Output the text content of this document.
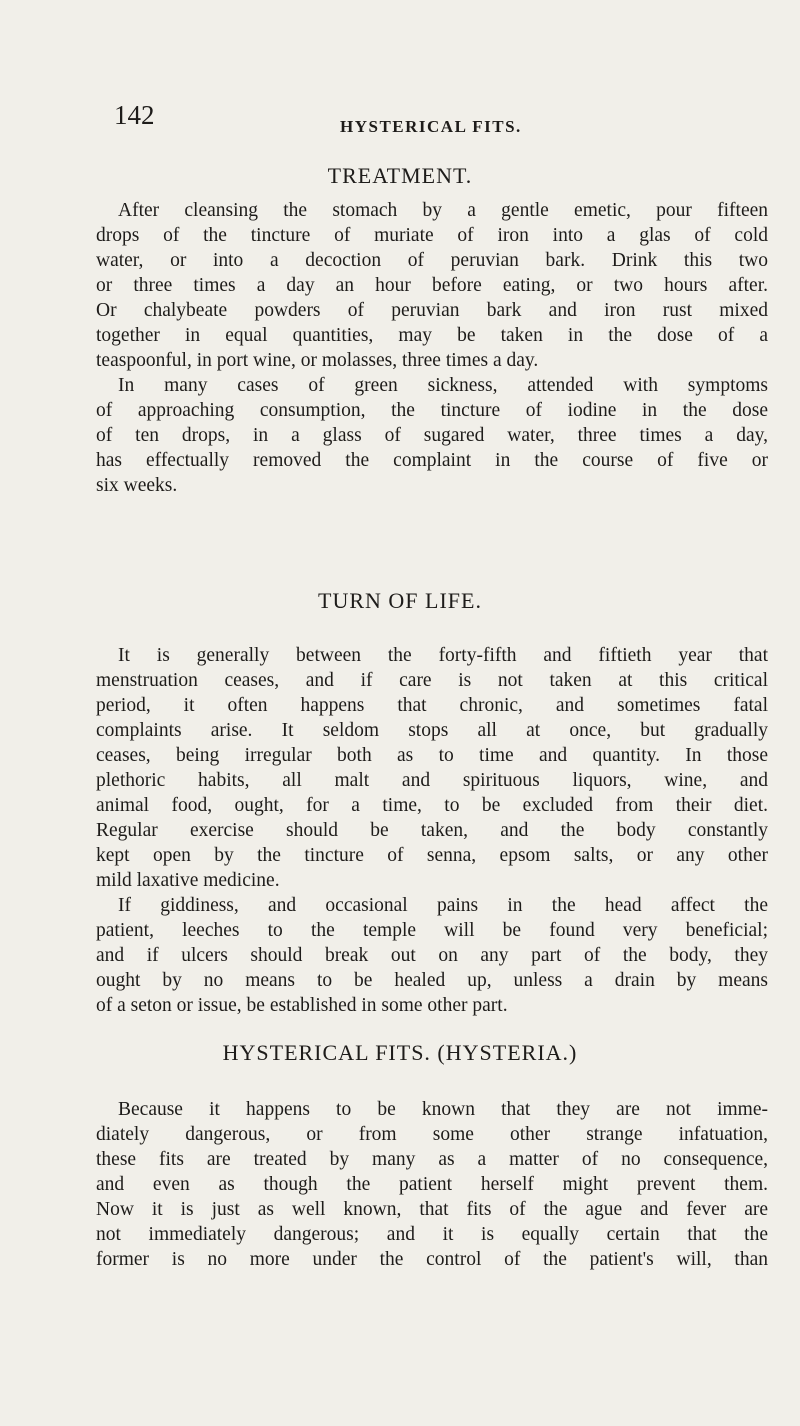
142	HYSTERICAL FITS.
TREATMENT.
After cleansing the stomach by a gentle emetic, pour fifteen
drops of the tincture of muriate of iron into a glas of cold
water, or into a decoction of peruvian bark. Drink this two
or three times a day an hour before eating, or two hours after.
Or chalybeate powders of peruvian bark and iron rust mixed
together in equal quantities, may be taken in the dose of a
teaspoonful, in port wine, or molasses, three times a day.
In many cases of green sickness, attended with symptoms
of approaching consumption, the tincture of iodine in the dose
of ten drops, in a glass of sugared water, three times a day,
has effectually removed the complaint in the course of five or
six weeks.
TURN OF LIFE.
It is generally between the forty-fifth and fiftieth year that
menstruation ceases, and if care is not taken at this critical
period, it often happens that chronic, and sometimes fatal
complaints arise. It seldom stops all at once, but gradually
ceases, being irregular both as to time and quantity. In those
plethoric habits, all malt and spirituous liquors, wine, and
animal food, ought, for a time, to be excluded from their diet.
Regular exercise should be taken, and the body constantly
kept open by the tincture of senna, epsom salts, or any other
mild laxative medicine.
If giddiness, and occasional pains in the head affect the
patient, leeches to the temple will be found very beneficial;
and if ulcers should break out on any part of the body, they
ought by no means to be healed up, unless a drain by means
of a seton or issue, be established in some other part.
HYSTERICAL FITS. (HYSTERIA.)
Because it happens to be known that they are not imme-
diately dangerous, or from some other strange infatuation,
these fits are treated by many as a matter of no consequence,
and even as though the patient herself might prevent them.
Now it is just as well known, that fits of the ague and fever are
not immediately dangerous; and it is equally certain that the
former is no more under the control of the patient's will, than
